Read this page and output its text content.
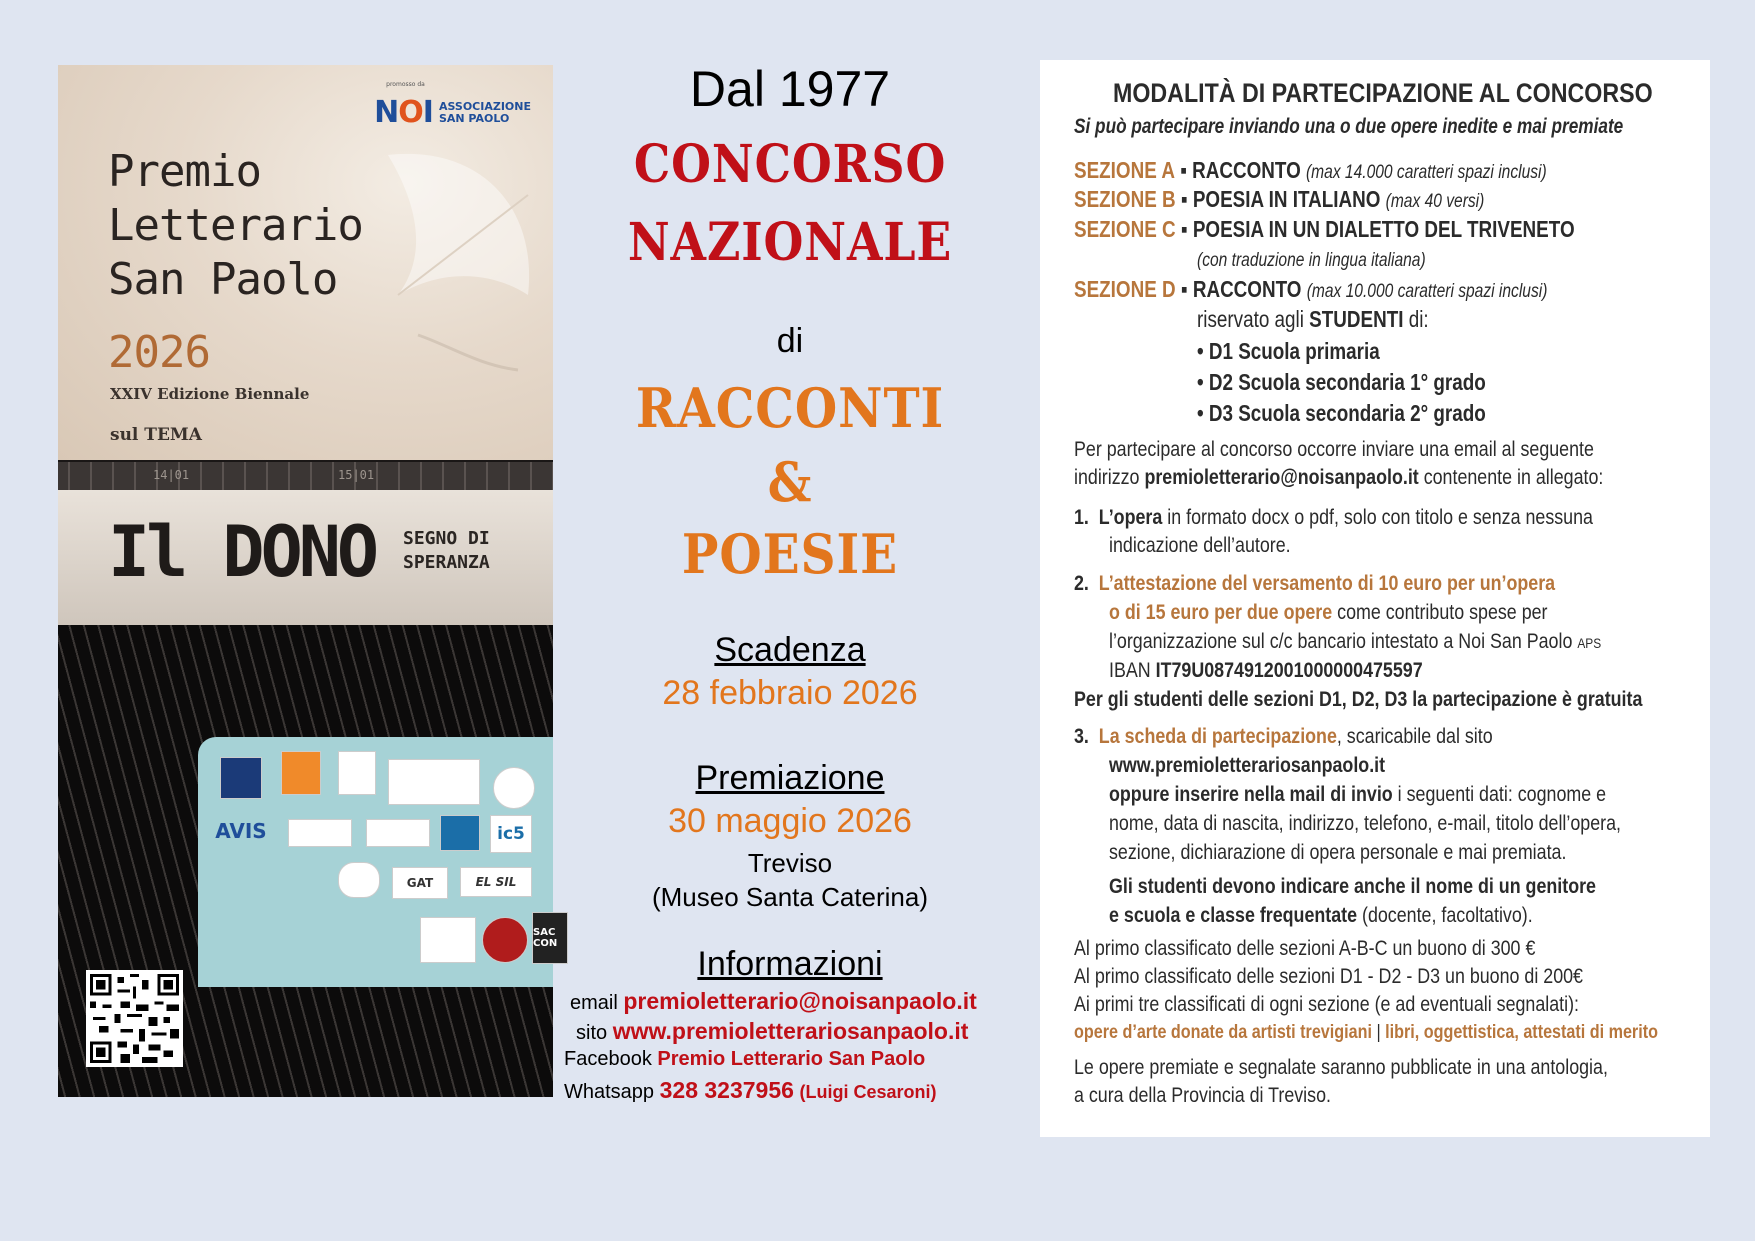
promosso da
NOI ASSOCIAZIONE
SAN PAOLO
Premio
Letterario
San Paolo
2026
XXIV Edizione Biennale
sul TEMA
14|01	15|01
Il DONO SEGNO DI
SPERANZA
AVIS	ic5
GAT	EL SIL
SAC CON
Dal 1977
CONCORSO
NAZIONALE
di
RACCONTI
&
POESIE
Scadenza
28 febbraio 2026
Premiazione
30 maggio 2026
Treviso
(Museo Santa Caterina)
Informazioni
email premioletterario@noisanpaolo.it
sito www.premioletterariosanpaolo.it
Facebook Premio Letterario San Paolo
Whatsapp 328 3237956 (Luigi Cesaroni)
MODALITÀ DI PARTECIPAZIONE AL CONCORSO
Si può partecipare inviando una o due opere inedite e mai premiate
SEZIONE A ▪ RACCONTO (max 14.000 caratteri spazi inclusi)
SEZIONE B ▪ POESIA IN ITALIANO (max 40 versi)
SEZIONE C ▪ POESIA IN UN DIALETTO DEL TRIVENETO
(con traduzione in lingua italiana)
SEZIONE D ▪ RACCONTO (max 10.000 caratteri spazi inclusi)
riservato agli STUDENTI di:
• D1 Scuola primaria
• D2 Scuola secondaria 1° grado
• D3 Scuola secondaria 2° grado
Per partecipare al concorso occorre inviare una email al seguente
indirizzo premioletterario@noisanpaolo.it contenente in allegato:
1. L’opera in formato docx o pdf, solo con titolo e senza nessuna
indicazione dell’autore.
2. L’attestazione del versamento di 10 euro per un’opera
o di 15 euro per due opere come contributo spese per
l’organizzazione sul c/c bancario intestato a Noi San Paolo APS
IBAN IT79U0874912001000000475597
Per gli studenti delle sezioni D1, D2, D3 la partecipazione è gratuita
3. La scheda di partecipazione, scaricabile dal sito
www.premioletterariosanpaolo.it
oppure inserire nella mail di invio i seguenti dati: cognome e
nome, data di nascita, indirizzo, telefono, e-mail, titolo dell’opera,
sezione, dichiarazione di opera personale e mai premiata.
Gli studenti devono indicare anche il nome di un genitore
e scuola e classe frequentate (docente, facoltativo).
Al primo classificato delle sezioni A-B-C un buono di 300 €
Al primo classificato delle sezioni D1 - D2 - D3 un buono di 200€
Ai primi tre classificati di ogni sezione (e ad eventuali segnalati):
opere d’arte donate da artisti trevigiani | libri, oggettistica, attestati di merito
Le opere premiate e segnalate saranno pubblicate in una antologia,
a cura della Provincia di Treviso.
